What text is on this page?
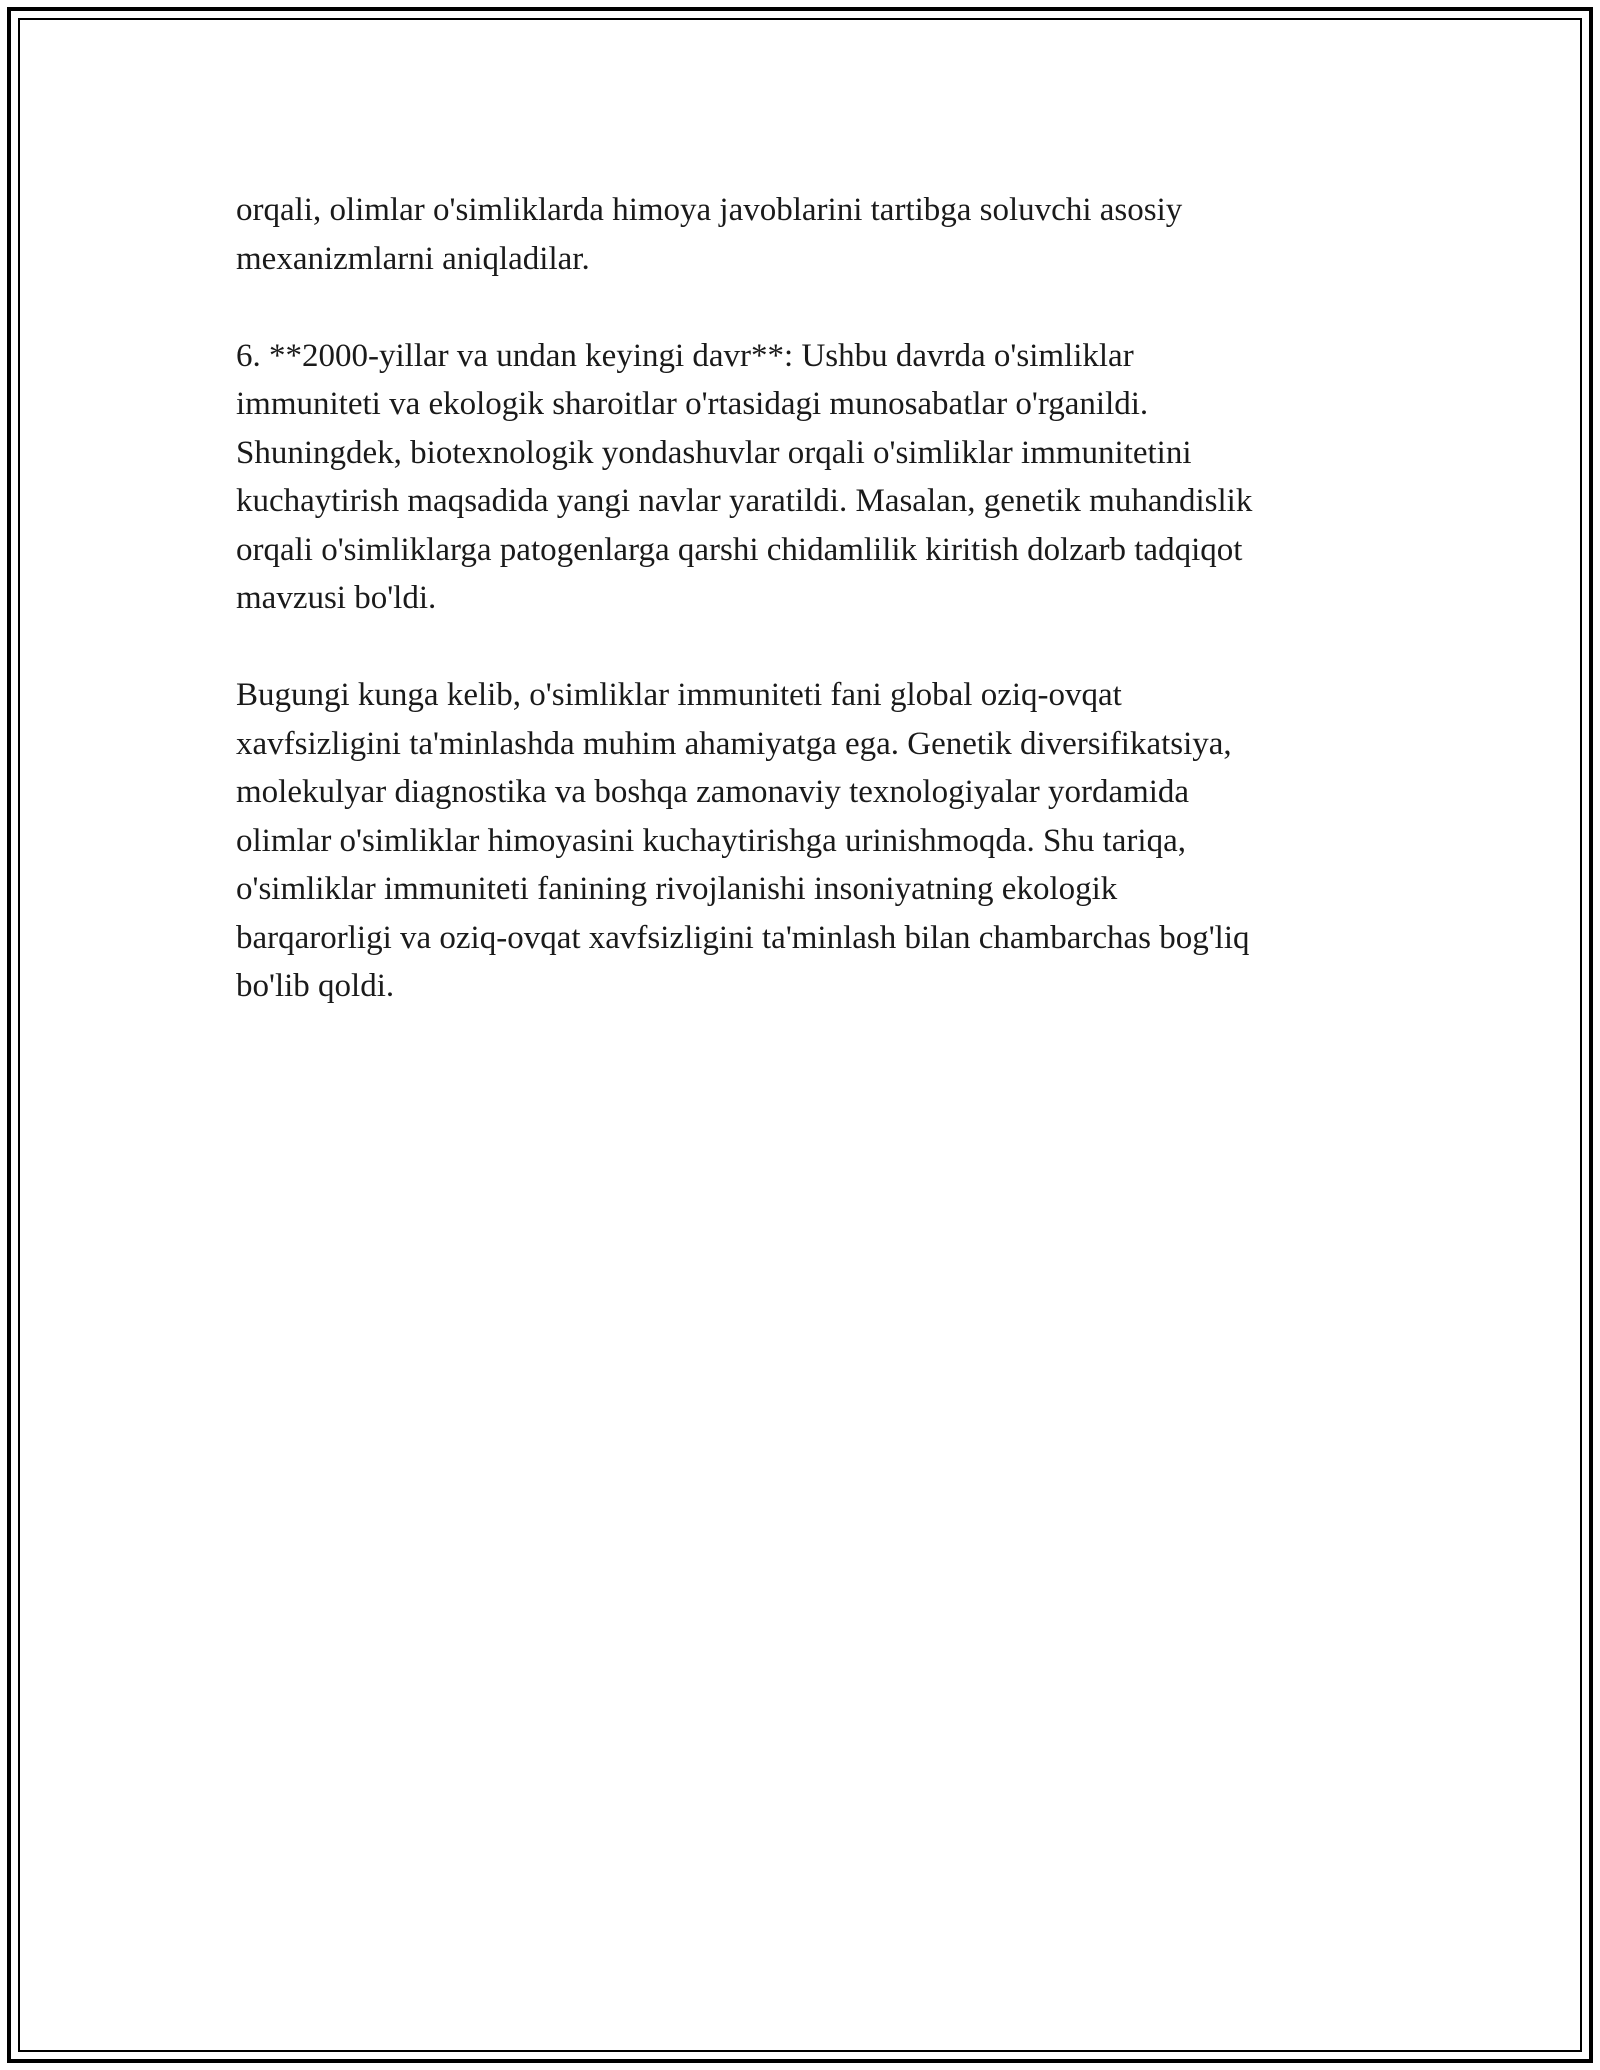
orqali, olimlar o'simliklarda himoya javoblarini tartibga soluvchi asosiy
mexanizmlarni aniqladilar.

6. **2000-yillar va undan keyingi davr**: Ushbu davrda o'simliklar
immuniteti va ekologik sharoitlar o'rtasidagi munosabatlar o'rganildi.
Shuningdek, biotexnologik yondashuvlar orqali o'simliklar immunitetini
kuchaytirish maqsadida yangi navlar yaratildi. Masalan, genetik muhandislik
orqali o'simliklarga patogenlarga qarshi chidamlilik kiritish dolzarb tadqiqot
mavzusi bo'ldi.

Bugungi kunga kelib, o'simliklar immuniteti fani global oziq-ovqat
xavfsizligini ta'minlashda muhim ahamiyatga ega. Genetik diversifikatsiya,
molekulyar diagnostika va boshqa zamonaviy texnologiyalar yordamida
olimlar o'simliklar himoyasini kuchaytirishga urinishmoqda. Shu tariqa,
o'simliklar immuniteti fanining rivojlanishi insoniyatning ekologik
barqarorligi va oziq-ovqat xavfsizligini ta'minlash bilan chambarchas bog'liq
bo'lib qoldi.
